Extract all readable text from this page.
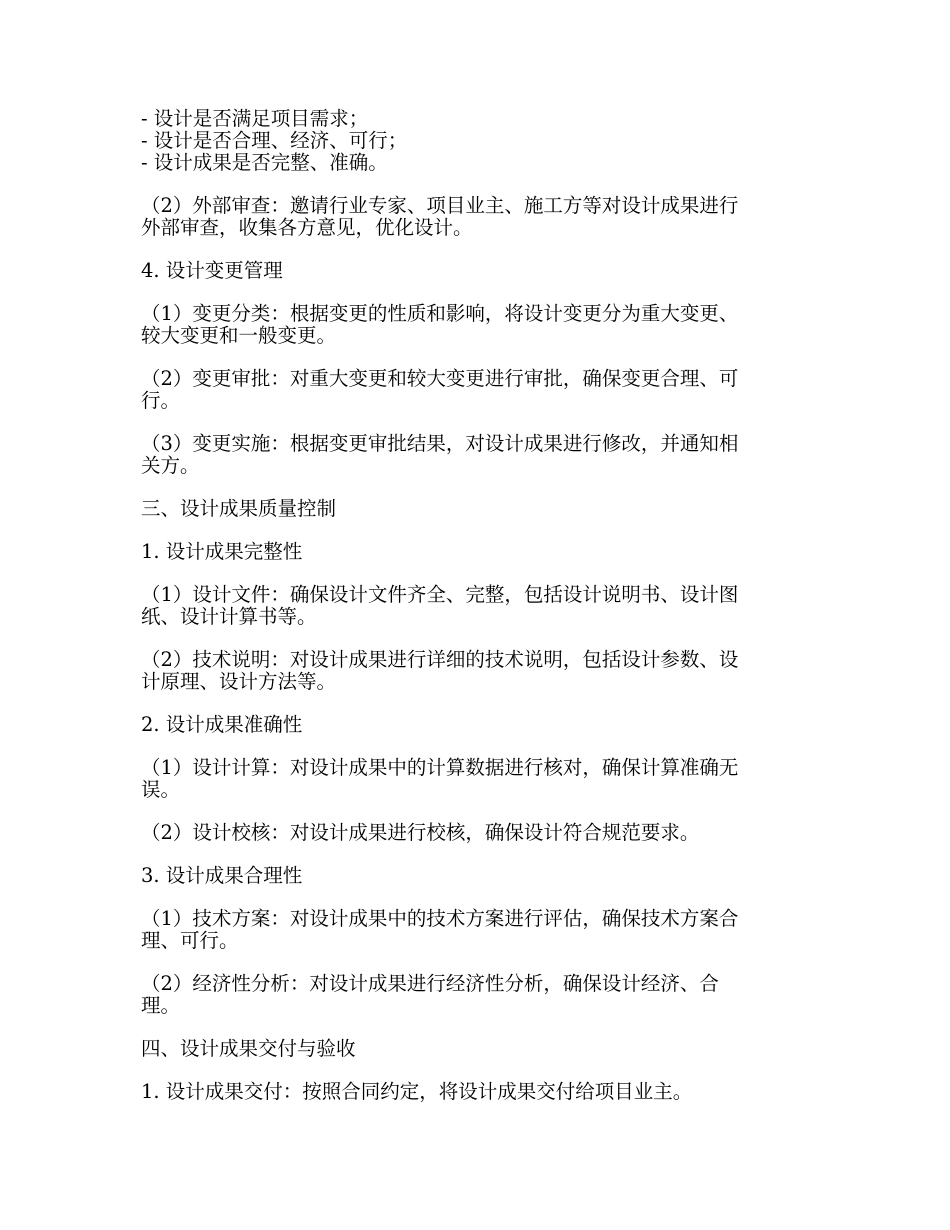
- 设计是否满足项目需求；
- 设计是否合理、经济、可行；
- 设计成果是否完整、准确。
（2）外部审查：邀请行业专家、项目业主、施工方等对设计成果进行
外部审查，收集各方意见，优化设计。
4. 设计变更管理
（1）变更分类：根据变更的性质和影响，将设计变更分为重大变更、
较大变更和一般变更。
（2）变更审批：对重大变更和较大变更进行审批，确保变更合理、可
行。
（3）变更实施：根据变更审批结果，对设计成果进行修改，并通知相
关方。
三、设计成果质量控制
1. 设计成果完整性
（1）设计文件：确保设计文件齐全、完整，包括设计说明书、设计图
纸、设计计算书等。
（2）技术说明：对设计成果进行详细的技术说明，包括设计参数、设
计原理、设计方法等。
2. 设计成果准确性
（1）设计计算：对设计成果中的计算数据进行核对，确保计算准确无
误。
（2）设计校核：对设计成果进行校核，确保设计符合规范要求。
3. 设计成果合理性
（1）技术方案：对设计成果中的技术方案进行评估，确保技术方案合
理、可行。
（2）经济性分析：对设计成果进行经济性分析，确保设计经济、合
理。
四、设计成果交付与验收
1. 设计成果交付：按照合同约定，将设计成果交付给项目业主。
